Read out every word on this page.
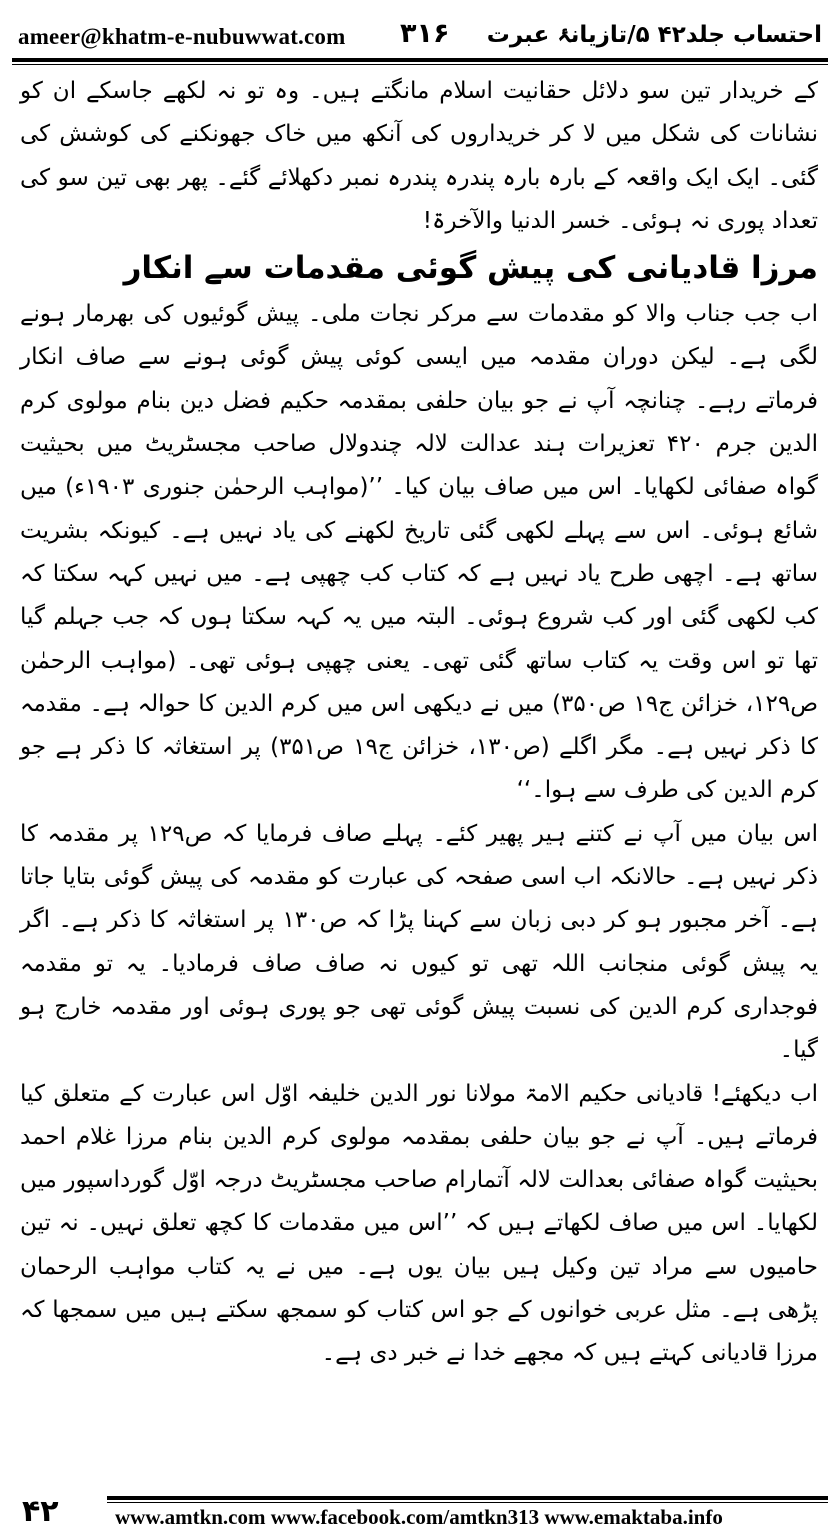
ameer@khatm-e-nubuwwat.com ۳۱۶ احتساب جلد۴۲ ۵/تازیانۂ عبرت

کے خریدار تین سو دلائل حقانیت اسلام مانگتے ہیں۔ وہ تو نہ لکھے جاسکے ان کو نشانات کی شکل میں لا کر خریداروں کی آنکھ میں خاک جھونکنے کی کوشش کی گئی۔ ایک ایک واقعہ کے بارہ بارہ پندرہ پندرہ نمبر دکھلائے گئے۔ پھر بھی تین سو کی تعداد پوری نہ ہوئی۔ خسر الدنیا والآخرۃ!

مرزا قادیانی کی پیش گوئی مقدمات سے انکار

اب جب جناب والا کو مقدمات سے مرکر نجات ملی۔ پیش گوئیوں کی بھرمار ہونے لگی ہے۔ لیکن دوران مقدمہ میں ایسی کوئی پیش گوئی ہونے سے صاف انکار فرماتے رہے۔ چنانچہ آپ نے جو بیان حلفی بمقدمہ حکیم فضل دین بنام مولوی کرم الدین جرم ۴۲۰ تعزیرات ہند عدالت لالہ چندولال صاحب مجسٹریٹ میں بحیثیت گواہ صفائی لکھایا۔ اس میں صاف بیان کیا۔ ’’(مواہب الرحمٰن جنوری ۱۹۰۳ء) میں شائع ہوئی۔ اس سے پہلے لکھی گئی تاریخ لکھنے کی یاد نہیں ہے۔ کیونکہ بشریت ساتھ ہے۔ اچھی طرح یاد نہیں ہے کہ کتاب کب چھپی ہے۔ میں نہیں کہہ سکتا کہ کب لکھی گئی اور کب شروع ہوئی۔ البتہ میں یہ کہہ سکتا ہوں کہ جب جہلم گیا تھا تو اس وقت یہ کتاب ساتھ گئی تھی۔ یعنی چھپی ہوئی تھی۔ (مواہب الرحمٰن ص۱۲۹، خزائن ج۱۹ ص۳۵۰) میں نے دیکھی اس میں کرم الدین کا حوالہ ہے۔ مقدمہ کا ذکر نہیں ہے۔ مگر اگلے (ص۱۳۰، خزائن ج۱۹ ص۳۵۱) پر استغاثہ کا ذکر ہے جو کرم الدین کی طرف سے ہوا۔‘‘

اس بیان میں آپ نے کتنے ہیر پھیر کئے۔ پہلے صاف فرمایا کہ ص۱۲۹ پر مقدمہ کا ذکر نہیں ہے۔ حالانکہ اب اسی صفحہ کی عبارت کو مقدمہ کی پیش گوئی بتایا جاتا ہے۔ آخر مجبور ہو کر دبی زبان سے کہنا پڑا کہ ص۱۳۰ پر استغاثہ کا ذکر ہے۔ اگر یہ پیش گوئی منجانب اللہ تھی تو کیوں نہ صاف صاف فرمادیا۔ یہ تو مقدمہ فوجداری کرم الدین کی نسبت پیش گوئی تھی جو پوری ہوئی اور مقدمہ خارج ہو گیا۔

اب دیکھئے! قادیانی حکیم الامۃ مولانا نور الدین خلیفہ اوّل اس عبارت کے متعلق کیا فرماتے ہیں۔ آپ نے جو بیان حلفی بمقدمہ مولوی کرم الدین بنام مرزا غلام احمد بحیثیت گواہ صفائی بعدالت لالہ آتمارام صاحب مجسٹریٹ درجہ اوّل گورداسپور میں لکھایا۔ اس میں صاف لکھاتے ہیں کہ ’’اس میں مقدمات کا کچھ تعلق نہیں۔ نہ تین حامیوں سے مراد تین وکیل ہیں بیان یوں ہے۔ میں نے یہ کتاب مواہب الرحمان پڑھی ہے۔ مثل عربی خوانوں کے جو اس کتاب کو سمجھ سکتے ہیں میں سمجھا کہ مرزا قادیانی کہتے ہیں کہ مجھے خدا نے خبر دی ہے۔

۴۲	www.amtkn.com www.facebook.com/amtkn313 www.emaktaba.info
